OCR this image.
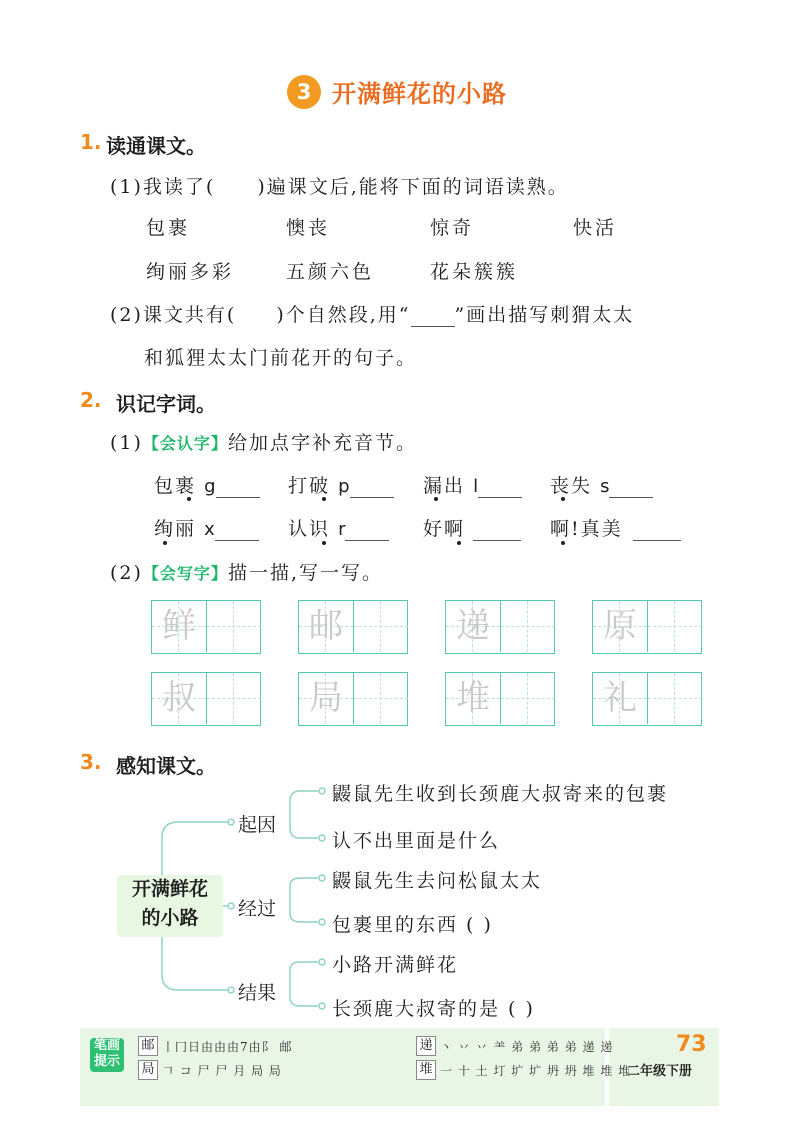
3 开满鲜花的小路
1. 读通课文。
(1)我读了( )遍课文后,能将下面的词语读熟。
包裹	懊丧	惊奇	快活
绚丽多彩	五颜六色	花朵簇簇
(2)课文共有( )个自然段,用“ ”画出描写刺猬太太
和狐狸太太门前花开的句子。
2. 识记字词。
(1)【会认字】给加点字补充音节。
包裹 g	打破 p	漏出 l	丧失 s
绚丽 x	认识 r	好啊	啊!真美
(2)【会写字】描一描,写一写。
鲜	邮	递	原
叔	局	堆	礼
3. 感知课文。
开满鲜花
的小路
起因
经过
结果
鼹鼠先生收到长颈鹿大叔寄来的包裹
认不出里面是什么
鼹鼠先生去问松鼠太太
包裹里的东西 ( )
小路开满鲜花
长颈鹿大叔寄的是 ( )
笔画
提示
邮 丨冂日由由由7由阝 邮
局 𠃍 コ 尸 尸 月 局 局
递 丶 丷 丷 ⺷ 弟 弟 弟 弟 递 递
堆 一 十 土 圢 圹 圹 坍 坍 堆 堆 堆
73
二年级下册
